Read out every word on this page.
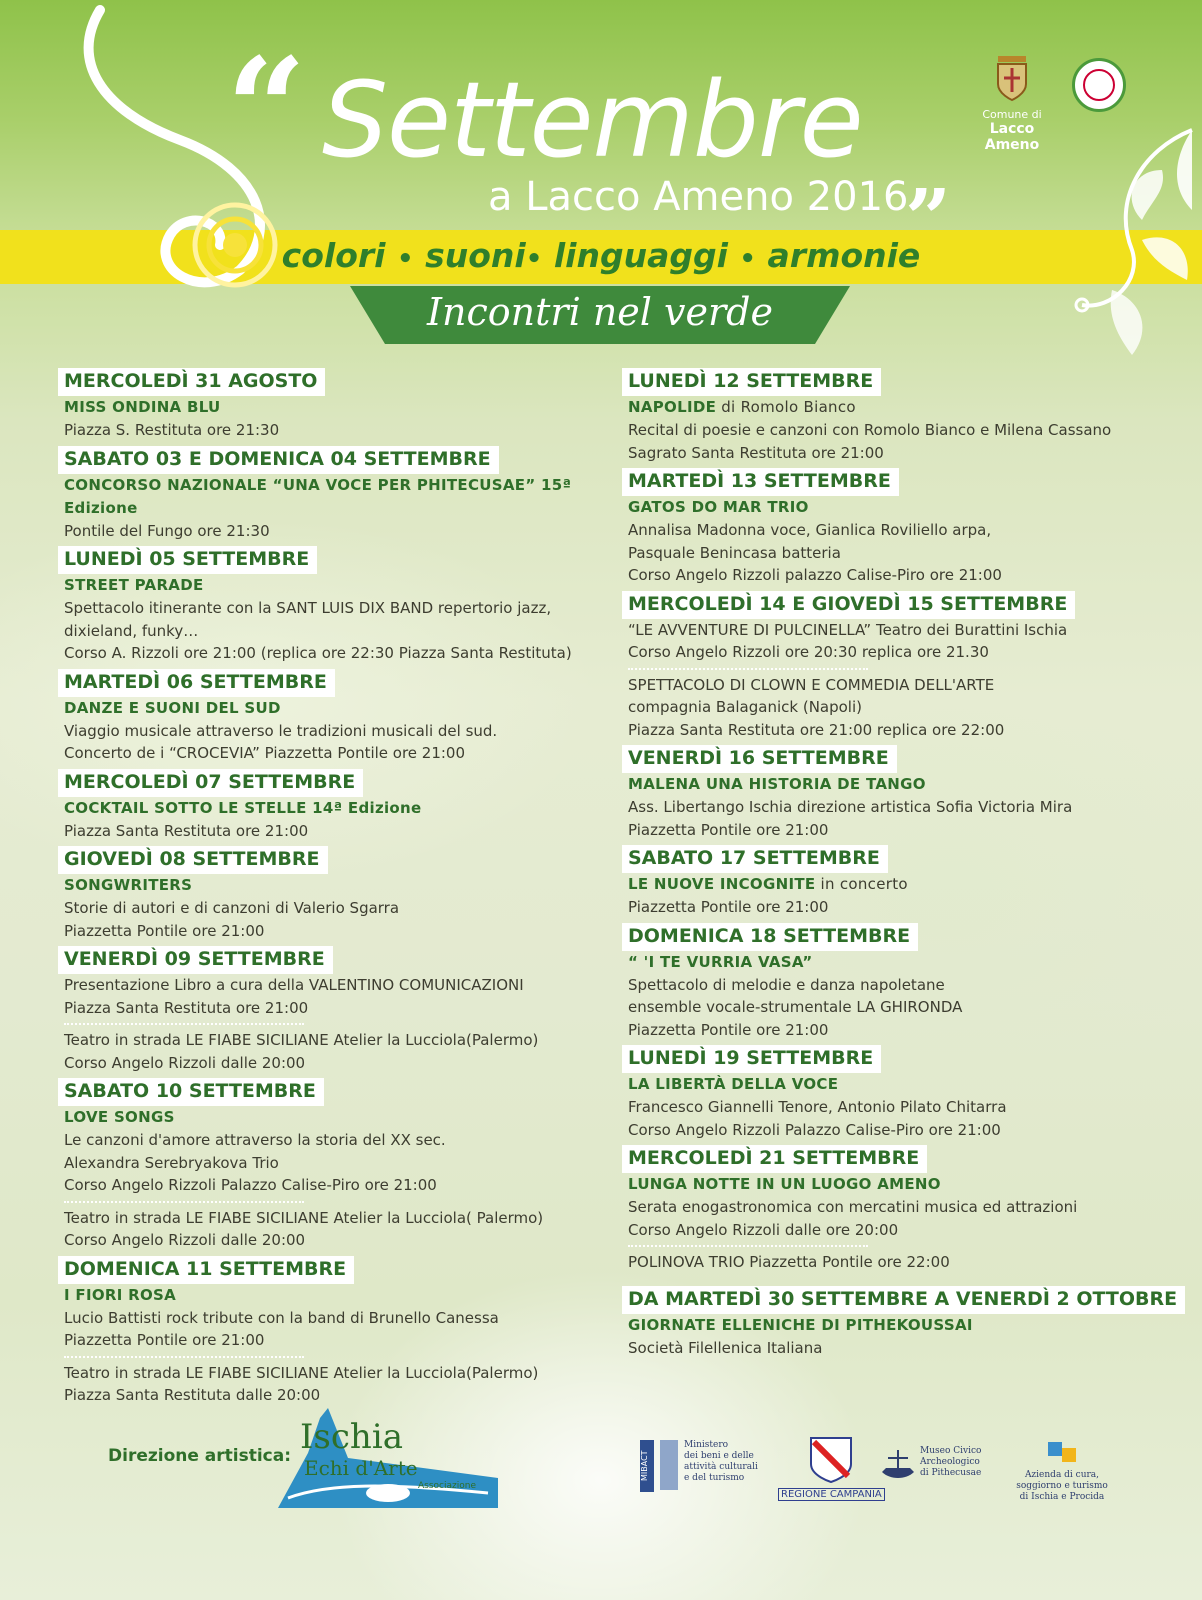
“ Settembre
a Lacco Ameno 2016
”
colori • suoni• linguaggi • armonie
Incontri nel verde
Comune di
Lacco Ameno
MERCOLEDÌ 31 AGOSTO
MISS ONDINA BLU
Piazza S. Restituta ore 21:30
SABATO 03 E DOMENICA 04 SETTEMBRE
CONCORSO NAZIONALE “UNA VOCE PER PHITECUSAE” 15ª Edizione
Pontile del Fungo ore 21:30
LUNEDÌ 05 SETTEMBRE
STREET PARADE
Spettacolo itinerante con la SANT LUIS DIX BAND repertorio jazz,
dixieland, funky…
Corso A. Rizzoli ore 21:00 (replica ore 22:30 Piazza Santa Restituta)
MARTEDÌ 06 SETTEMBRE
DANZE E SUONI DEL SUD
Viaggio musicale attraverso le tradizioni musicali del sud.
Concerto de i “CROCEVIA” Piazzetta Pontile ore 21:00
MERCOLEDÌ 07 SETTEMBRE
COCKTAIL SOTTO LE STELLE 14ª Edizione
Piazza Santa Restituta ore 21:00
GIOVEDÌ 08 SETTEMBRE
SONGWRITERS
Storie di autori e di canzoni di Valerio Sgarra
Piazzetta Pontile ore 21:00
VENERDÌ 09 SETTEMBRE
Presentazione Libro a cura della VALENTINO COMUNICAZIONI
Piazza Santa Restituta ore 21:00
Teatro in strada LE FIABE SICILIANE Atelier la Lucciola(Palermo)
Corso Angelo Rizzoli dalle 20:00
SABATO 10 SETTEMBRE
LOVE SONGS
Le canzoni d'amore attraverso la storia del XX sec.
Alexandra Serebryakova Trio
Corso Angelo Rizzoli Palazzo Calise-Piro ore 21:00
Teatro in strada LE FIABE SICILIANE Atelier la Lucciola( Palermo)
Corso Angelo Rizzoli dalle 20:00
DOMENICA 11 SETTEMBRE
I FIORI ROSA
Lucio Battisti rock tribute con la band di Brunello Canessa
Piazzetta Pontile ore 21:00
Teatro in strada LE FIABE SICILIANE Atelier la Lucciola(Palermo)
Piazza Santa Restituta dalle 20:00
LUNEDÌ 12 SETTEMBRE
NAPOLIDE di Romolo Bianco
Recital di poesie e canzoni con Romolo Bianco e Milena Cassano
Sagrato Santa Restituta ore 21:00
MARTEDÌ 13 SETTEMBRE
GATOS DO MAR TRIO
Annalisa Madonna voce, Gianlica Roviliello arpa,
Pasquale Benincasa batteria
Corso Angelo Rizzoli palazzo Calise-Piro ore 21:00
MERCOLEDÌ 14 E GIOVEDÌ 15 SETTEMBRE
“LE AVVENTURE DI PULCINELLA” Teatro dei Burattini Ischia
Corso Angelo Rizzoli ore 20:30 replica ore 21.30
SPETTACOLO DI CLOWN E COMMEDIA DELL'ARTE
compagnia Balaganick (Napoli)
Piazza Santa Restituta ore 21:00 replica ore 22:00
VENERDÌ 16 SETTEMBRE
MALENA UNA HISTORIA DE TANGO
Ass. Libertango Ischia direzione artistica Sofia Victoria Mira
Piazzetta Pontile ore 21:00
SABATO 17 SETTEMBRE
LE NUOVE INCOGNITE in concerto
Piazzetta Pontile ore 21:00
DOMENICA 18 SETTEMBRE
“ 'I TE VURRIA VASA”
Spettacolo di melodie e danza napoletane
ensemble vocale-strumentale LA GHIRONDA
Piazzetta Pontile ore 21:00
LUNEDÌ 19 SETTEMBRE
LA LIBERTÀ DELLA VOCE
Francesco Giannelli Tenore, Antonio Pilato Chitarra
Corso Angelo Rizzoli Palazzo Calise-Piro ore 21:00
MERCOLEDÌ 21 SETTEMBRE
LUNGA NOTTE IN UN LUOGO AMENO
Serata enogastronomica con mercatini musica ed attrazioni
Corso Angelo Rizzoli dalle ore 20:00
POLINOVA TRIO Piazzetta Pontile ore 22:00
DA MARTEDÌ 30 SETTEMBRE A VENERDÌ 2 OTTOBRE
GIORNATE ELLENICHE DI PITHEKOUSSAI
Società Filellenica Italiana
Direzione artistica: Ischia
Echi d'Arte
Associazione
MIBACT
Ministero
dei beni e delle
attività culturali
e del turismo
REGIONE CAMPANIA
Museo Civico
Archeologico
di Pithecusae	Azienda di cura, soggiorno e turismo
di Ischia e Procida
